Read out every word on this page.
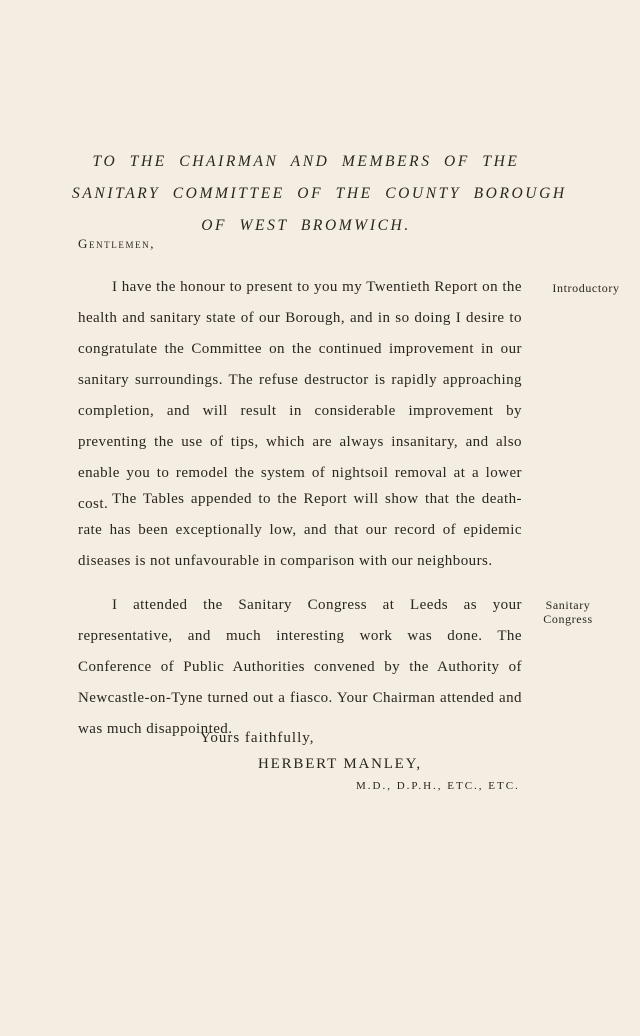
TO THE CHAIRMAN AND MEMBERS OF THE
SANITARY COMMITTEE OF THE COUNTY BOROUGH
OF WEST BROMWICH.
Gentlemen,

I have the honour to present to you my Twentieth Report on the health and sanitary state of our Borough, and in so doing I desire to congratulate the Committee on the continued improvement in our sanitary surroundings. The refuse destructor is rapidly approaching completion, and will result in considerable improvement by preventing the use of tips, which are always insanitary, and also enable you to remodel the system of nightsoil removal at a lower cost.

Introductory

The Tables appended to the Report will show that the death-rate has been exceptionally low, and that our record of epidemic diseases is not unfavourable in comparison with our neighbours.

I attended the Sanitary Congress at Leeds as your representative, and much interesting work was done. The Conference of Public Authorities convened by the Authority of Newcastle-on-Tyne turned out a fiasco. Your Chairman attended and was much disappointed.

Sanitary
Congress
Yours faithfully,
HERBERT MANLEY,
M.D., D.P.H., ETC., ETC.
